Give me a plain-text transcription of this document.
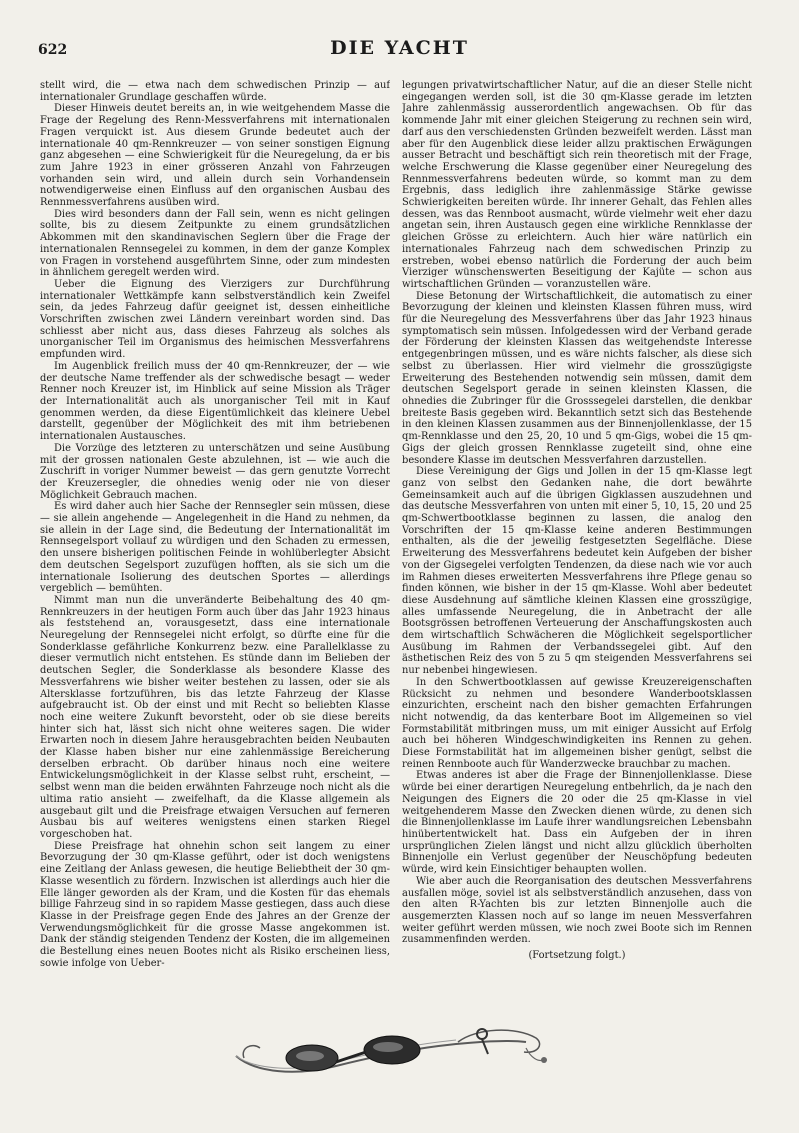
622	DIE YACHT

stellt wird, die — etwa nach dem schwedischen Prinzip — auf internationaler Grundlage geschaffen würde.

Dieser Hinweis deutet bereits an, in wie weitgehendem Masse die Frage der Regelung des Renn-Messverfahrens mit internationalen Fragen verquickt ist. Aus diesem Grunde bedeutet auch der internationale 40 qm-Rennkreuzer — von seiner sonstigen Eignung ganz abgesehen — eine Schwierigkeit für die Neuregelung, da er bis zum Jahre 1923 in einer grösseren Anzahl von Fahrzeugen vorhanden sein wird, und allein durch sein Vorhandensein notwendigerweise einen Einfluss auf den organischen Ausbau des Rennmessverfahrens ausüben wird.

Dies wird besonders dann der Fall sein, wenn es nicht gelingen sollte, bis zu diesem Zeitpunkte zu einem grundsätzlichen Abkommen mit den skandinavischen Seglern über die Frage der internationalen Rennsegelei zu kommen, in dem der ganze Komplex von Fragen in vorstehend ausgeführtem Sinne, oder zum mindesten in ähnlichem geregelt werden wird.

Ueber die Eignung des Vierzigers zur Durchführung internationaler Wettkämpfe kann selbstverständlich kein Zweifel sein, da jedes Fahrzeug dafür geeignet ist, dessen einheitliche Vorschriften zwischen zwei Ländern vereinbart worden sind. Das schliesst aber nicht aus, dass dieses Fahrzeug als solches als unorganischer Teil im Organismus des heimischen Messverfahrens empfunden wird.

Im Augenblick freilich muss der 40 qm-Rennkreuzer, der — wie der deutsche Name treffender als der schwedische besagt — weder Renner noch Kreuzer ist, im Hinblick auf seine Mission als Träger der Internationalität auch als unorganischer Teil mit in Kauf genommen werden, da diese Eigentümlichkeit das kleinere Uebel darstellt, gegenüber der Möglichkeit des mit ihm betriebenen internationalen Austausches.

Die Vorzüge des letzteren zu unterschätzen und seine Ausübung mit der grossen nationalen Geste abzulehnen, ist — wie auch die Zuschrift in voriger Nummer beweist — das gern genutzte Vorrecht der Kreuzersegler, die ohnedies wenig oder nie von dieser Möglichkeit Gebrauch machen.

Es wird daher auch hier Sache der Rennsegler sein müssen, diese — sie allein angehende — Angelegenheit in die Hand zu nehmen, da sie allein in der Lage sind, die Bedeutung der Internationalität im Rennsegelsport vollauf zu würdigen und den Schaden zu ermessen, den unsere bisherigen politischen Feinde in wohlüberlegter Absicht dem deutschen Segelsport zuzufügen hofften, als sie sich um die internationale Isolierung des deutschen Sportes — allerdings vergeblich — bemühten.

Nimmt man nun die unveränderte Beibehaltung des 40 qm-Rennkreuzers in der heutigen Form auch über das Jahr 1923 hinaus als feststehend an, vorausgesetzt, dass eine internationale Neuregelung der Rennsegelei nicht erfolgt, so dürfte eine für die Sonderklasse gefährliche Konkurrenz bezw. eine Parallelklasse zu dieser vermutlich nicht entstehen. Es stünde dann im Belieben der deutschen Segler, die Sonderklasse als besondere Klasse des Messverfahrens wie bisher weiter bestehen zu lassen, oder sie als Altersklasse fortzuführen, bis das letzte Fahrzeug der Klasse aufgebraucht ist. Ob der einst und mit Recht so beliebten Klasse noch eine weitere Zukunft bevorsteht, oder ob sie diese bereits hinter sich hat, lässt sich nicht ohne weiteres sagen. Die wider Erwarten noch in diesem Jahre herausgebrachten beiden Neubauten der Klasse haben bisher nur eine zahlenmässige Bereicherung derselben erbracht. Ob darüber hinaus noch eine weitere Entwickelungsmöglichkeit in der Klasse selbst ruht, erscheint, — selbst wenn man die beiden erwähnten Fahrzeuge noch nicht als die ultima ratio ansieht — zweifelhaft, da die Klasse allgemein als ausgebaut gilt und die Preisfrage etwaigen Versuchen auf ferneren Ausbau bis auf weiteres wenigstens einen starken Riegel vorgeschoben hat.

Diese Preisfrage hat ohnehin schon seit langem zu einer Bevorzugung der 30 qm-Klasse geführt, oder ist doch wenigstens eine Zeitlang der Anlass gewesen, die heutige Beliebtheit der 30 qm-Klasse wesentlich zu fördern. Inzwischen ist allerdings auch hier die Elle länger geworden als der Kram, und die Kosten für das ehemals billige Fahrzeug sind in so rapidem Masse gestiegen, dass auch diese Klasse in der Preisfrage gegen Ende des Jahres an der Grenze der Verwendungsmöglichkeit für die grosse Masse angekommen ist. Dank der ständig steigenden Tendenz der Kosten, die im allgemeinen die Bestellung eines neuen Bootes nicht als Risiko erscheinen liess, sowie infolge von Ueber-

legungen privatwirtschaftlicher Natur, auf die an dieser Stelle nicht eingegangen werden soll, ist die 30 qm-Klasse gerade im letzten Jahre zahlenmässig ausserordentlich angewachsen. Ob für das kommende Jahr mit einer gleichen Steigerung zu rechnen sein wird, darf aus den verschiedensten Gründen bezweifelt werden. Lässt man aber für den Augenblick diese leider allzu praktischen Erwägungen ausser Betracht und beschäftigt sich rein theoretisch mit der Frage, welche Erschwerung die Klasse gegenüber einer Neuregelung des Rennmessverfahrens bedeuten würde, so kommt man zu dem Ergebnis, dass lediglich ihre zahlenmässige Stärke gewisse Schwierigkeiten bereiten würde. Ihr innerer Gehalt, das Fehlen alles dessen, was das Rennboot ausmacht, würde vielmehr weit eher dazu angetan sein, ihren Austausch gegen eine wirkliche Rennklasse der gleichen Grösse zu erleichtern. Auch hier wäre natürlich ein internationales Fahrzeug nach dem schwedischen Prinzip zu erstreben, wobei ebenso natürlich die Forderung der auch beim Vierziger wünschenswerten Beseitigung der Kajüte — schon aus wirtschaftlichen Gründen — voranzustellen wäre.

Diese Betonung der Wirtschaftlichkeit, die automatisch zu einer Bevorzugung der kleinen und kleinsten Klassen führen muss, wird für die Neuregelung des Messverfahrens über das Jahr 1923 hinaus symptomatisch sein müssen. Infolgedessen wird der Verband gerade der Förderung der kleinsten Klassen das weitgehendste Interesse entgegenbringen müssen, und es wäre nichts falscher, als diese sich selbst zu überlassen. Hier wird vielmehr die grosszügigste Erweiterung des Bestehenden notwendig sein müssen, damit dem deutschen Segelsport gerade in seinen kleinsten Klassen, die ohnedies die Zubringer für die Grosssegelei darstellen, die denkbar breiteste Basis gegeben wird. Bekanntlich setzt sich das Bestehende in den kleinen Klassen zusammen aus der Binnenjollenklasse, der 15 qm-Rennklasse und den 25, 20, 10 und 5 qm-Gigs, wobei die 15 qm-Gigs der gleich grossen Rennklasse zugeteilt sind, ohne eine besondere Klasse im deutschen Messverfahren darzustellen.

Diese Vereinigung der Gigs und Jollen in der 15 qm-Klasse legt ganz von selbst den Gedanken nahe, die dort bewährte Gemeinsamkeit auch auf die übrigen Gigklassen auszudehnen und das deutsche Messverfahren von unten mit einer 5, 10, 15, 20 und 25 qm-Schwertbootklasse beginnen zu lassen, die analog den Vorschriften der 15 qm-Klasse keine anderen Bestimmungen enthalten, als die der jeweilig festgesetzten Segelfläche. Diese Erweiterung des Messverfahrens bedeutet kein Aufgeben der bisher von der Gigsegelei verfolgten Tendenzen, da diese nach wie vor auch im Rahmen dieses erweiterten Messverfahrens ihre Pflege genau so finden können, wie bisher in der 15 qm-Klasse. Wohl aber bedeutet diese Ausdehnung auf sämtliche kleinen Klassen eine grosszügige, alles umfassende Neuregelung, die in Anbetracht der alle Bootsgrössen betroffenen Verteuerung der Anschaffungskosten auch dem wirtschaftlich Schwächeren die Möglichkeit segelsportlicher Ausübung im Rahmen der Verbandssegelei gibt. Auf den ästhetischen Reiz des von 5 zu 5 qm steigenden Messverfahrens sei nur nebenbei hingewiesen.

In den Schwertbootklassen auf gewisse Kreuzereigenschaften Rücksicht zu nehmen und besondere Wanderbootsklassen einzurichten, erscheint nach den bisher gemachten Erfahrungen nicht notwendig, da das kenterbare Boot im Allgemeinen so viel Formstabilität mitbringen muss, um mit einiger Aussicht auf Erfolg auch bei höheren Windgeschwindigkeiten ins Rennen zu gehen. Diese Formstabilität hat im allgemeinen bisher genügt, selbst die reinen Rennboote auch für Wanderzwecke brauchbar zu machen.

Etwas anderes ist aber die Frage der Binnenjollenklasse. Diese würde bei einer derartigen Neuregelung entbehrlich, da je nach den Neigungen des Eigners die 20 oder die 25 qm-Klasse in viel weitgehenderem Masse den Zwecken dienen würde, zu denen sich die Binnenjollenklasse im Laufe ihrer wandlungsreichen Lebensbahn hinübertentwickelt hat. Dass ein Aufgeben der in ihren ursprünglichen Zielen längst und nicht allzu glücklich überholten Binnenjolle ein Verlust gegenüber der Neuschöpfung bedeuten würde, wird kein Einsichtiger behaupten wollen.

Wie aber auch die Reorganisation des deutschen Messverfahrens ausfallen möge, soviel ist als selbstverständlich anzusehen, dass von den alten R-Yachten bis zur letzten Binnenjolle auch die ausgemerzten Klassen noch auf so lange im neuen Messverfahren weiter geführt werden müssen, wie noch zwei Boote sich im Rennen zusammenfinden werden.

(Fortsetzung folgt.)
